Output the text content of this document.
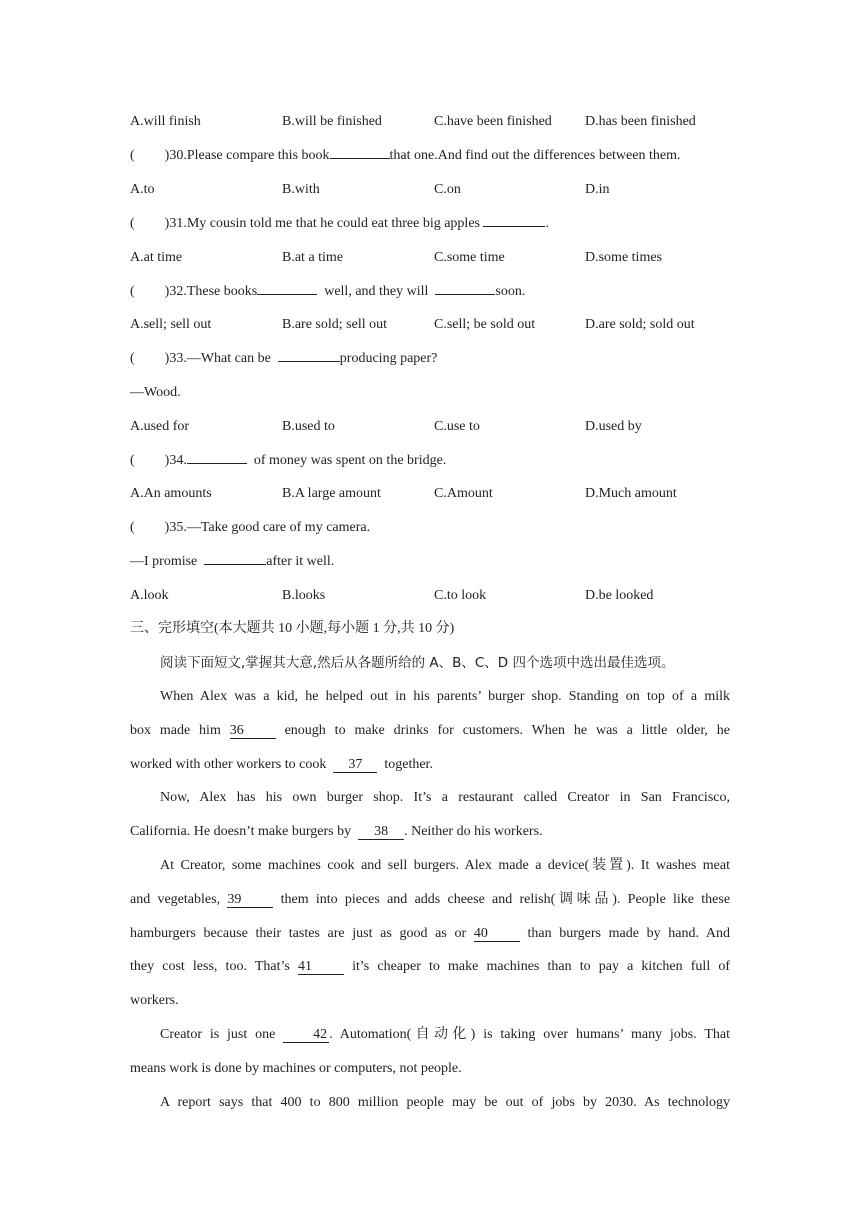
A.will finish	B.will be finished	C.have been finished D.has been finished
( )30.Please compare this book	that one.And find out the differences between them.
A.to	B.with	C.on	D.in
( )31.My cousin told me that he could eat three big apples	.
A.at time	B.at a time	C.some time	D.some times
( )32.These books	well, and they will	soon.
A.sell; sell out	B.are sold; sell out	C.sell; be sold out	D.are sold; sold out
( )33.—What can be	producing paper?
—Wood.
A.used for	B.used to	C.use to	D.used by
( )34.	of money was spent on the bridge.
A.An amounts	B.A large amount	C.Amount	D.Much amount
( )35.—Take good care of my camera.
—I promise	after it well.
A.look	B.looks	C.to look	D.be looked
三、完形填空(本大题共 10 小题,每小题 1 分,共 10 分)
阅读下面短文,掌握其大意,然后从各题所给的 A、B、C、D 四个选项中选出最佳选项。
When Alex was a kid, he helped out in his parents’ burger shop. Standing on top of a milk
box made him 36	enough to make drinks for customers. When he was a little older, he
worked with other workers to cook 37 together.
Now, Alex has his own burger shop. It’s a restaurant called Creator in San Francisco,
California. He doesn’t make burgers by 38 . Neither do his workers.
At Creator, some machines cook and sell burgers. Alex made a device(装置). It washes meat
and vegetables, 39	them into pieces and adds cheese and relish(调味品). People like these
hamburgers because their tastes are just as good as or 40	than burgers made by hand. And
they cost less, too. That’s 41	it’s cheaper to make machines than to pay a kitchen full of
workers.
Creator is just one	42 . Automation(自动化) is taking over humans’ many jobs. That
means work is done by machines or computers, not people.
A report says that 400 to 800 million people may be out of jobs by 2030. As technology
